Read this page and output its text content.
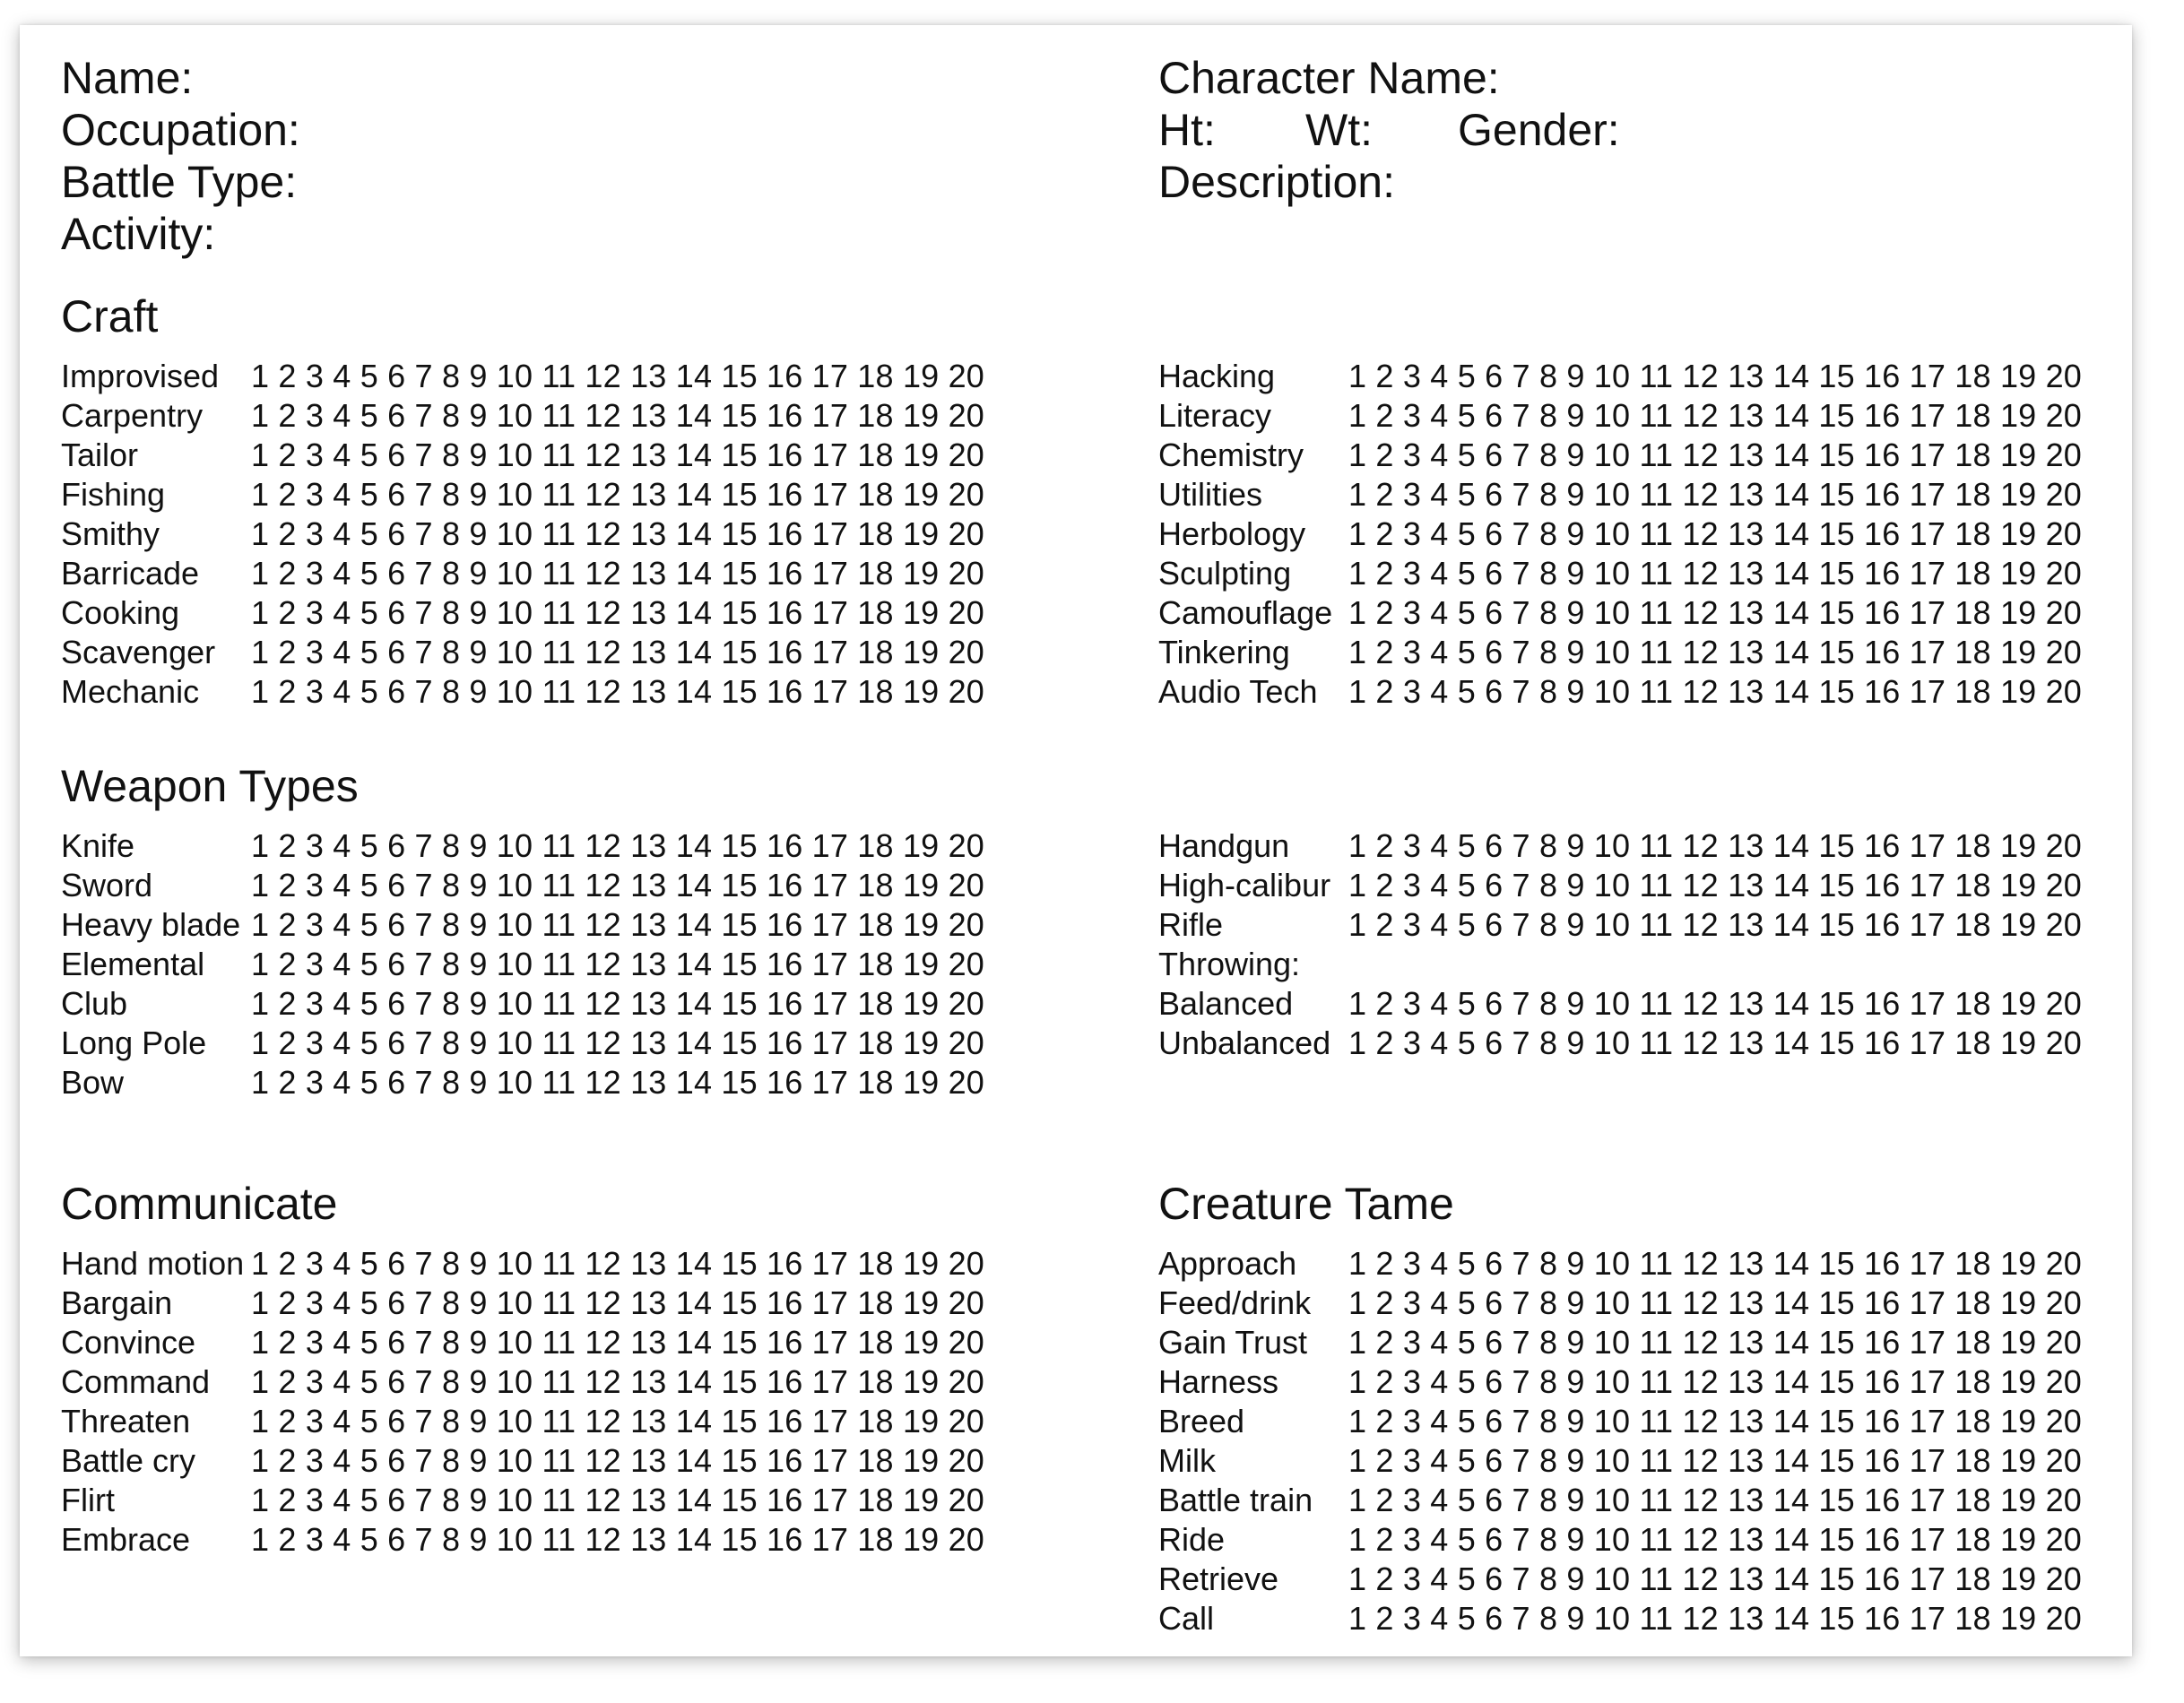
Name:
Occupation:
Battle Type:
Activity:
Craft
Improvised 1 2 3 4 5 6 7 8 9 10 11 12 13 14 15 16 17 18 19 20
Carpentry 1 2 3 4 5 6 7 8 9 10 11 12 13 14 15 16 17 18 19 20
Tailor	1 2 3 4 5 6 7 8 9 10 11 12 13 14 15 16 17 18 19 20
Fishing	1 2 3 4 5 6 7 8 9 10 11 12 13 14 15 16 17 18 19 20
Smithy	1 2 3 4 5 6 7 8 9 10 11 12 13 14 15 16 17 18 19 20
Barricade 1 2 3 4 5 6 7 8 9 10 11 12 13 14 15 16 17 18 19 20
Cooking 1 2 3 4 5 6 7 8 9 10 11 12 13 14 15 16 17 18 19 20
Scavenger 1 2 3 4 5 6 7 8 9 10 11 12 13 14 15 16 17 18 19 20
Mechanic 1 2 3 4 5 6 7 8 9 10 11 12 13 14 15 16 17 18 19 20
Weapon Types
Knife	1 2 3 4 5 6 7 8 9 10 11 12 13 14 15 16 17 18 19 20
Sword	1 2 3 4 5 6 7 8 9 10 11 12 13 14 15 16 17 18 19 20
Heavy blade 1 2 3 4 5 6 7 8 9 10 11 12 13 14 15 16 17 18 19 20
Elemental 1 2 3 4 5 6 7 8 9 10 11 12 13 14 15 16 17 18 19 20
Club	1 2 3 4 5 6 7 8 9 10 11 12 13 14 15 16 17 18 19 20
Long Pole 1 2 3 4 5 6 7 8 9 10 11 12 13 14 15 16 17 18 19 20
Bow	1 2 3 4 5 6 7 8 9 10 11 12 13 14 15 16 17 18 19 20
Communicate
Hand motion 1 2 3 4 5 6 7 8 9 10 11 12 13 14 15 16 17 18 19 20
Bargain 1 2 3 4 5 6 7 8 9 10 11 12 13 14 15 16 17 18 19 20
Convince 1 2 3 4 5 6 7 8 9 10 11 12 13 14 15 16 17 18 19 20
Command 1 2 3 4 5 6 7 8 9 10 11 12 13 14 15 16 17 18 19 20
Threaten 1 2 3 4 5 6 7 8 9 10 11 12 13 14 15 16 17 18 19 20
Battle cry 1 2 3 4 5 6 7 8 9 10 11 12 13 14 15 16 17 18 19 20
Flirt	1 2 3 4 5 6 7 8 9 10 11 12 13 14 15 16 17 18 19 20
Embrace 1 2 3 4 5 6 7 8 9 10 11 12 13 14 15 16 17 18 19 20
Character Name:
Ht: Wt: Gender:
Description:
Hacking 1 2 3 4 5 6 7 8 9 10 11 12 13 14 15 16 17 18 19 20
Literacy 1 2 3 4 5 6 7 8 9 10 11 12 13 14 15 16 17 18 19 20
Chemistry 1 2 3 4 5 6 7 8 9 10 11 12 13 14 15 16 17 18 19 20
Utilities	1 2 3 4 5 6 7 8 9 10 11 12 13 14 15 16 17 18 19 20
Herbology 1 2 3 4 5 6 7 8 9 10 11 12 13 14 15 16 17 18 19 20
Sculpting 1 2 3 4 5 6 7 8 9 10 11 12 13 14 15 16 17 18 19 20
Camouflage 1 2 3 4 5 6 7 8 9 10 11 12 13 14 15 16 17 18 19 20
Tinkering 1 2 3 4 5 6 7 8 9 10 11 12 13 14 15 16 17 18 19 20
Audio Tech 1 2 3 4 5 6 7 8 9 10 11 12 13 14 15 16 17 18 19 20
Handgun 1 2 3 4 5 6 7 8 9 10 11 12 13 14 15 16 17 18 19 20
High-calibur 1 2 3 4 5 6 7 8 9 10 11 12 13 14 15 16 17 18 19 20
Rifle	1 2 3 4 5 6 7 8 9 10 11 12 13 14 15 16 17 18 19 20
Throwing:
Balanced 1 2 3 4 5 6 7 8 9 10 11 12 13 14 15 16 17 18 19 20
Unbalanced 1 2 3 4 5 6 7 8 9 10 11 12 13 14 15 16 17 18 19 20
Creature Tame
Approach 1 2 3 4 5 6 7 8 9 10 11 12 13 14 15 16 17 18 19 20
Feed/drink 1 2 3 4 5 6 7 8 9 10 11 12 13 14 15 16 17 18 19 20
Gain Trust 1 2 3 4 5 6 7 8 9 10 11 12 13 14 15 16 17 18 19 20
Harness 1 2 3 4 5 6 7 8 9 10 11 12 13 14 15 16 17 18 19 20
Breed	1 2 3 4 5 6 7 8 9 10 11 12 13 14 15 16 17 18 19 20
Milk	1 2 3 4 5 6 7 8 9 10 11 12 13 14 15 16 17 18 19 20
Battle train 1 2 3 4 5 6 7 8 9 10 11 12 13 14 15 16 17 18 19 20
Ride	1 2 3 4 5 6 7 8 9 10 11 12 13 14 15 16 17 18 19 20
Retrieve 1 2 3 4 5 6 7 8 9 10 11 12 13 14 15 16 17 18 19 20
Call	1 2 3 4 5 6 7 8 9 10 11 12 13 14 15 16 17 18 19 20
